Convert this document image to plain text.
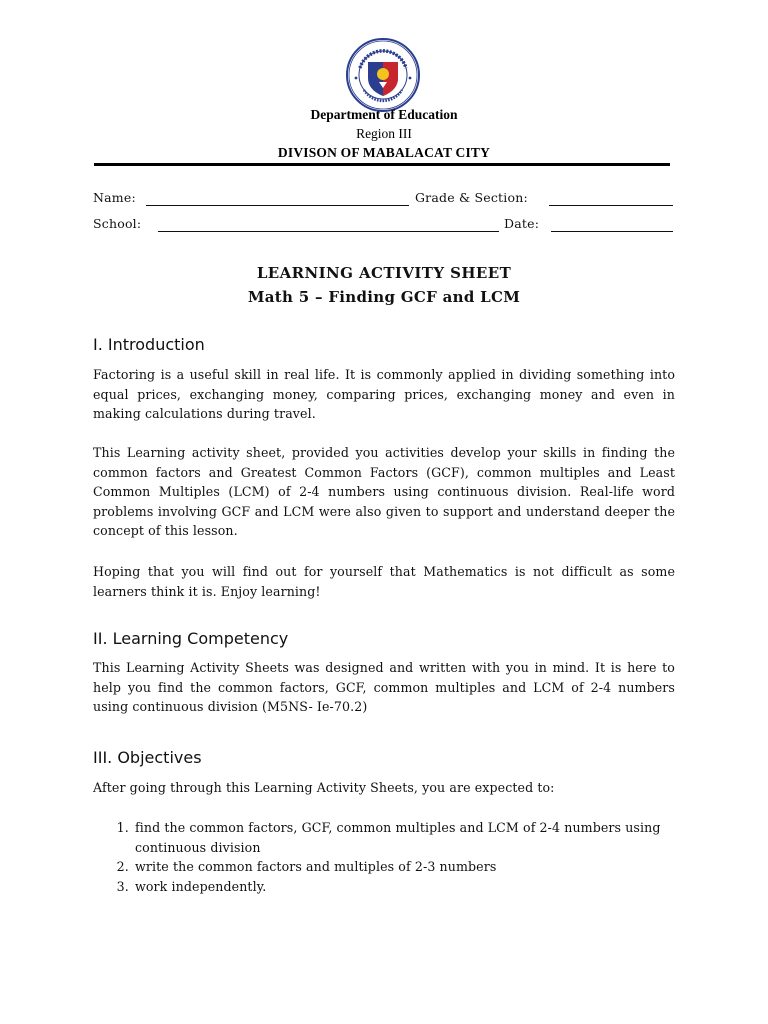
Department of Education
Region III
DIVISON OF MABALACAT CITY
Name:	Grade & Section:
School:	Date:
LEARNING ACTIVITY SHEET
Math 5 – Finding GCF and LCM
I. Introduction
Factoring is a useful skill in real life. It is commonly applied in dividing something into equal prices, exchanging money, comparing prices, exchanging money and even in making calculations during travel.
This Learning activity sheet, provided you activities develop your skills in finding the common factors and Greatest Common Factors (GCF), common multiples and Least Common Multiples (LCM) of 2-4 numbers using continuous division. Real-life word problems involving GCF and LCM were also given to support and understand deeper the concept of this lesson.
Hoping that you will find out for yourself that Mathematics is not difficult as some learners think it is. Enjoy learning!
II. Learning Competency
This Learning Activity Sheets was designed and written with you in mind. It is here to help you find the common factors, GCF, common multiples and LCM of 2-4 numbers using continuous division (M5NS- Ie-70.2)
III. Objectives
After going through this Learning Activity Sheets, you are expected to:
1. find the common factors, GCF, common multiples and LCM of 2-4 numbers using continuous division
2. write the common factors and multiples of 2-3 numbers
3. work independently.
